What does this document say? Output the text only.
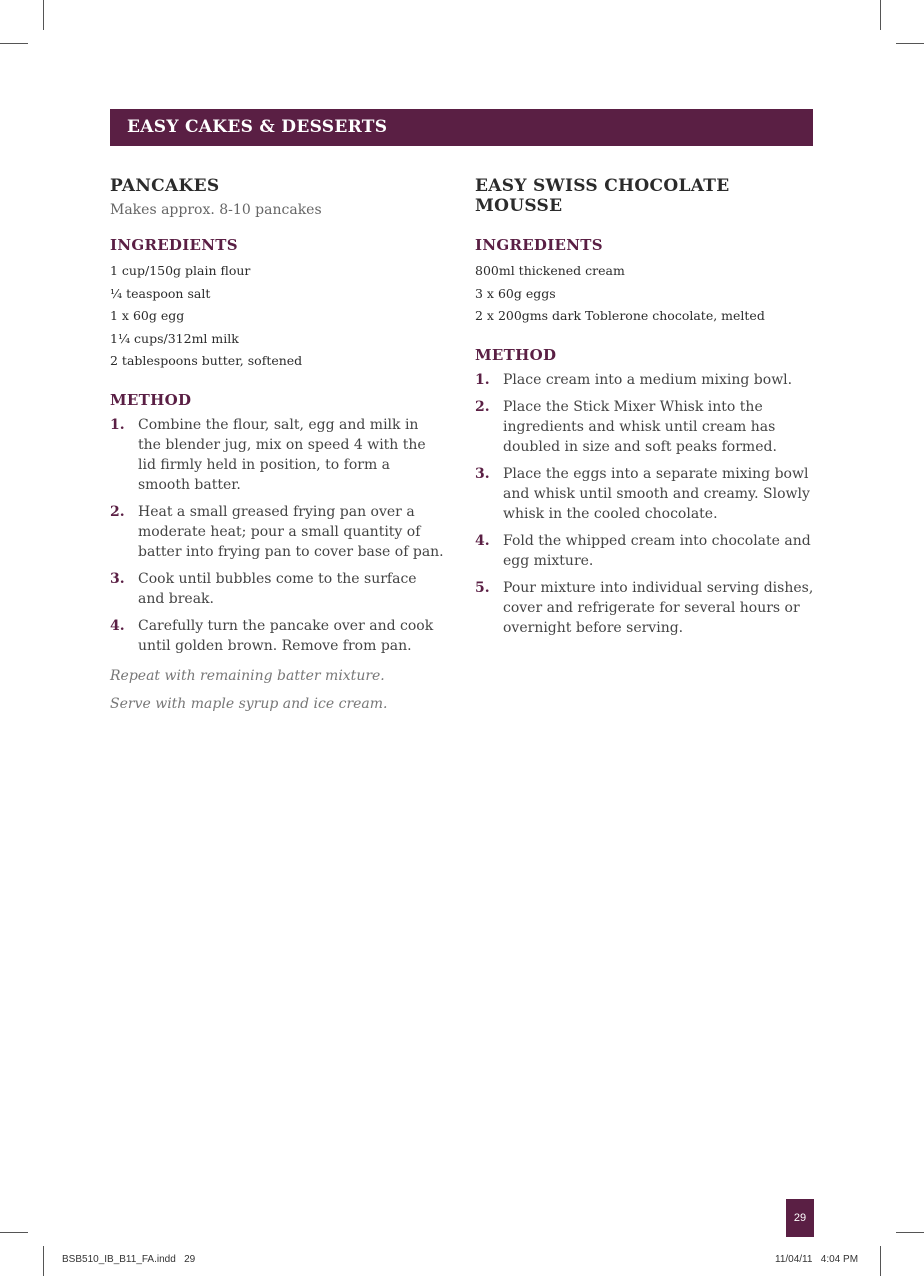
EASY CAKES & DESSERTS
PANCAKES
Makes approx. 8-10 pancakes
INGREDIENTS
1 cup/150g plain flour
¼ teaspoon salt
1 x 60g egg
1¼ cups/312ml milk
2 tablespoons butter, softened
METHOD
1. Combine the flour, salt, egg and milk in the blender jug, mix on speed 4 with the lid firmly held in position, to form a smooth batter.
2. Heat a small greased frying pan over a moderate heat; pour a small quantity of batter into frying pan to cover base of pan.
3. Cook until bubbles come to the surface and break.
4. Carefully turn the pancake over and cook until golden brown. Remove from pan.
Repeat with remaining batter mixture.
Serve with maple syrup and ice cream.
EASY SWISS CHOCOLATE MOUSSE
INGREDIENTS
800ml thickened cream
3 x 60g eggs
2 x 200gms dark Toblerone chocolate, melted
METHOD
1. Place cream into a medium mixing bowl.
2. Place the Stick Mixer Whisk into the ingredients and whisk until cream has doubled in size and soft peaks formed.
3. Place the eggs into a separate mixing bowl and whisk until smooth and creamy. Slowly whisk in the cooled chocolate.
4. Fold the whipped cream into chocolate and egg mixture.
5. Pour mixture into individual serving dishes, cover and refrigerate for several hours or overnight before serving.
29
BSB510_IB_B11_FA.indd   29	11/04/11   4:04 PM
